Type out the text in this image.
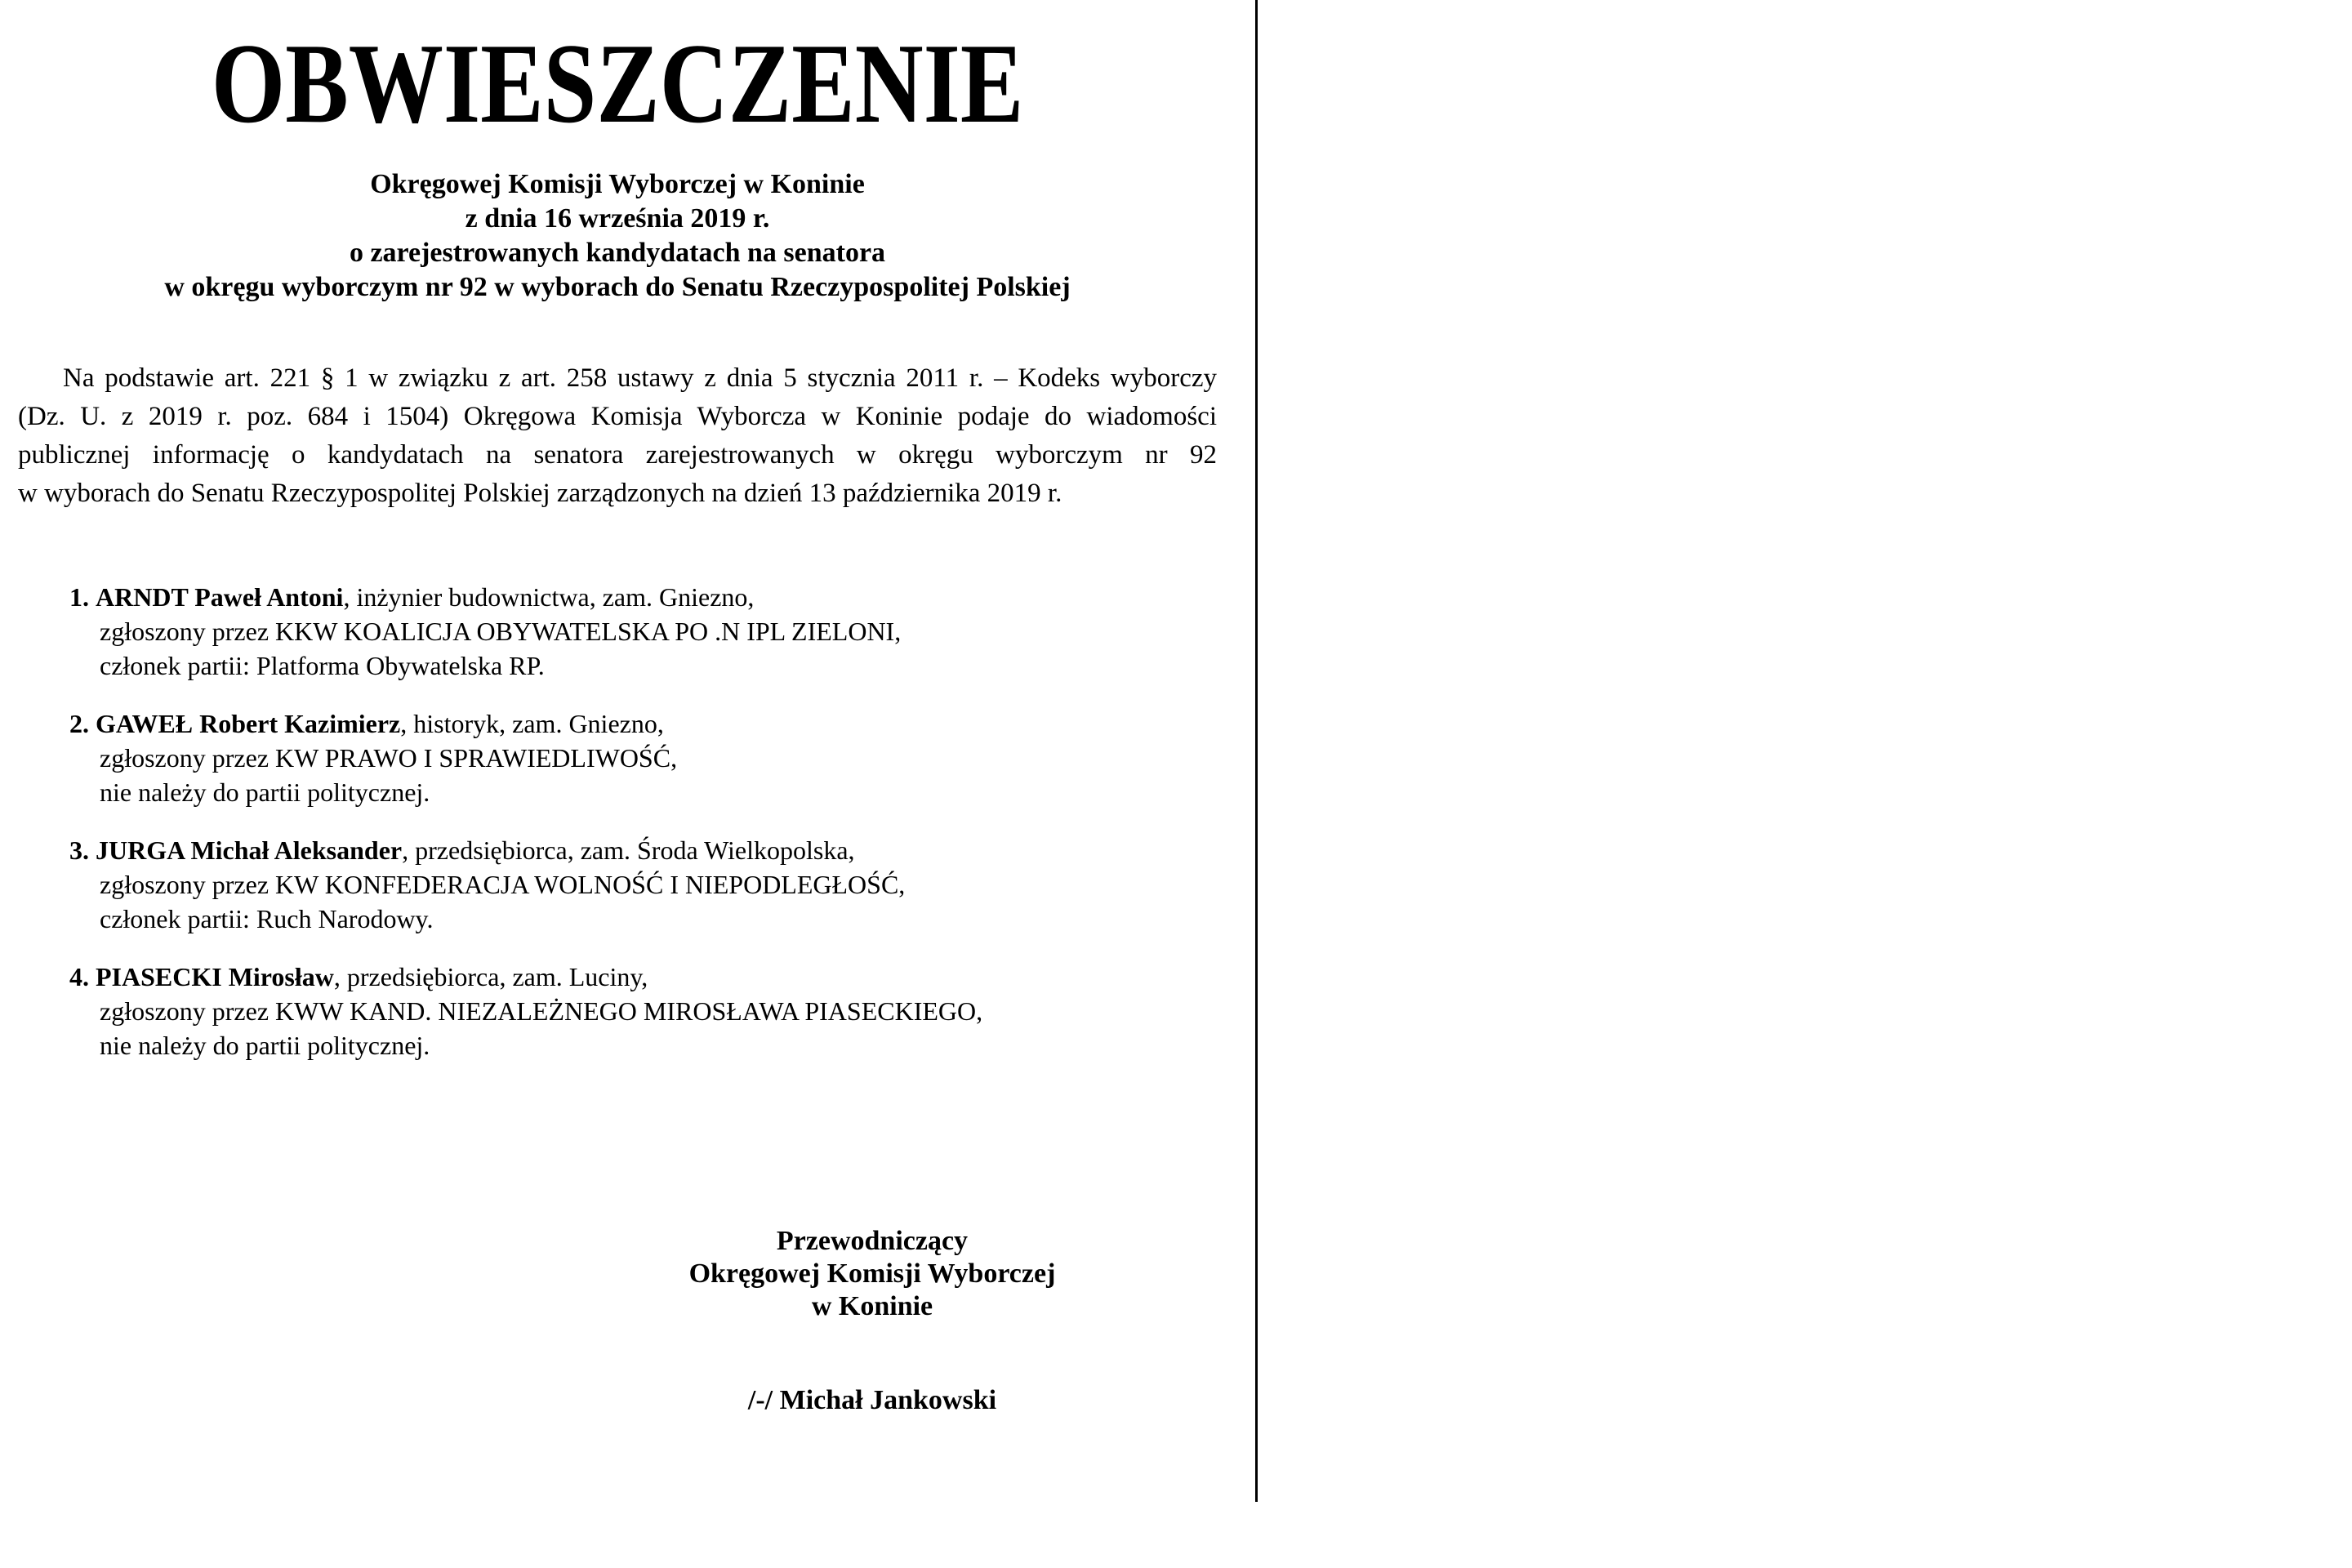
OBWIESZCZENIE
Okręgowej Komisji Wyborczej w Koninie
z dnia 16 września 2019 r.
o zarejestrowanych kandydatach na senatora
w okręgu wyborczym nr 92 w wyborach do Senatu Rzeczypospolitej Polskiej
Na podstawie art. 221 § 1 w związku z art. 258 ustawy z dnia 5 stycznia 2011 r. – Kodeks wyborczy
(Dz. U. z 2019 r. poz. 684 i 1504) Okręgowa Komisja Wyborcza w Koninie podaje do wiadomości
publicznej informację o kandydatach na senatora zarejestrowanych w okręgu wyborczym nr 92
w wyborach do Senatu Rzeczypospolitej Polskiej zarządzonych na dzień 13 października 2019 r.
1. ARNDT Paweł Antoni, inżynier budownictwa, zam. Gniezno,
zgłoszony przez KKW KOALICJA OBYWATELSKA PO .N IPL ZIELONI,
członek partii: Platforma Obywatelska RP.
2. GAWEŁ Robert Kazimierz, historyk, zam. Gniezno,
zgłoszony przez KW PRAWO I SPRAWIEDLIWOŚĆ,
nie należy do partii politycznej.
3. JURGA Michał Aleksander, przedsiębiorca, zam. Środa Wielkopolska,
zgłoszony przez KW KONFEDERACJA WOLNOŚĆ I NIEPODLEGŁOŚĆ,
członek partii: Ruch Narodowy.
4. PIASECKI Mirosław, przedsiębiorca, zam. Luciny,
zgłoszony przez KWW KAND. NIEZALEŻNEGO MIROSŁAWA PIASECKIEGO,
nie należy do partii politycznej.
Przewodniczący
Okręgowej Komisji Wyborczej
w Koninie
/-/ Michał Jankowski
